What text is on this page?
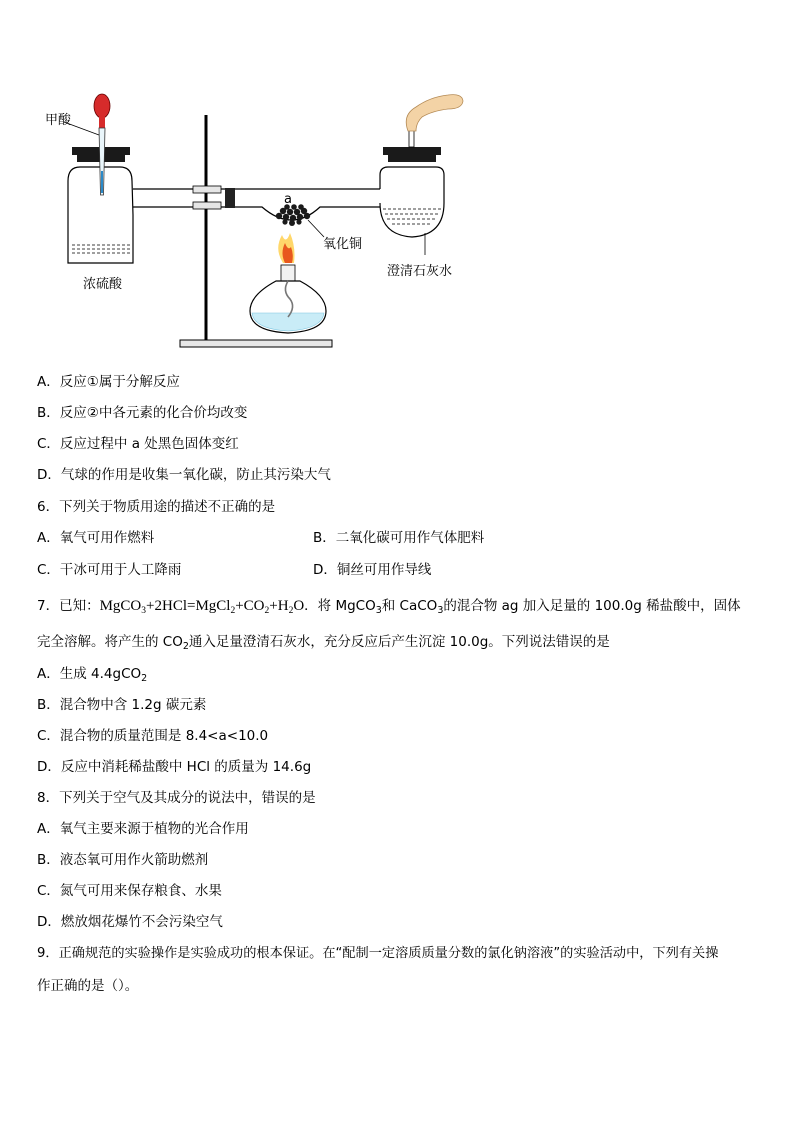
甲酸
浓硫酸
a
氧化铜
澄清石灰水
A．反应①属于分解反应
B．反应②中各元素的化合价均改变
C．反应过程中 a 处黑色固体变红
D．气球的作用是收集一氧化碳，防止其污染大气
6．下列关于物质用途的描述不正确的是
A．氧气可用作燃料	B．二氧化碳可用作气体肥料
C．干冰可用于人工降雨	D．铜丝可用作导线
7．已知：$MgCO_3+2HCl=MgCl_2+CO_2+H_2O$．将 MgCO$_3$和 CaCO$_3$的混合物 ag 加入足量的 100.0g 稀盐酸中，固体
完全溶解。将产生的 $CO_2$通入足量澄清石灰水，充分反应后产生沉淀 10.0g。下列说法错误的是
A．生成 4.4gCO$_2$
B．混合物中含 1.2g 碳元素
C．混合物的质量范围是 8.4<a<10.0
D．反应中消耗稀盐酸中 HCl 的质量为 14.6g
8．下列关于空气及其成分的说法中，错误的是
A．氧气主要来源于植物的光合作用
B．液态氧可用作火箭助燃剂
C．氮气可用来保存粮食、水果
D．燃放烟花爆竹不会污染空气
9．正确规范的实验操作是实验成功的根本保证。在“配制一定溶质质量分数的氯化钠溶液”的实验活动中，下列有关操
作正确的是（）。
